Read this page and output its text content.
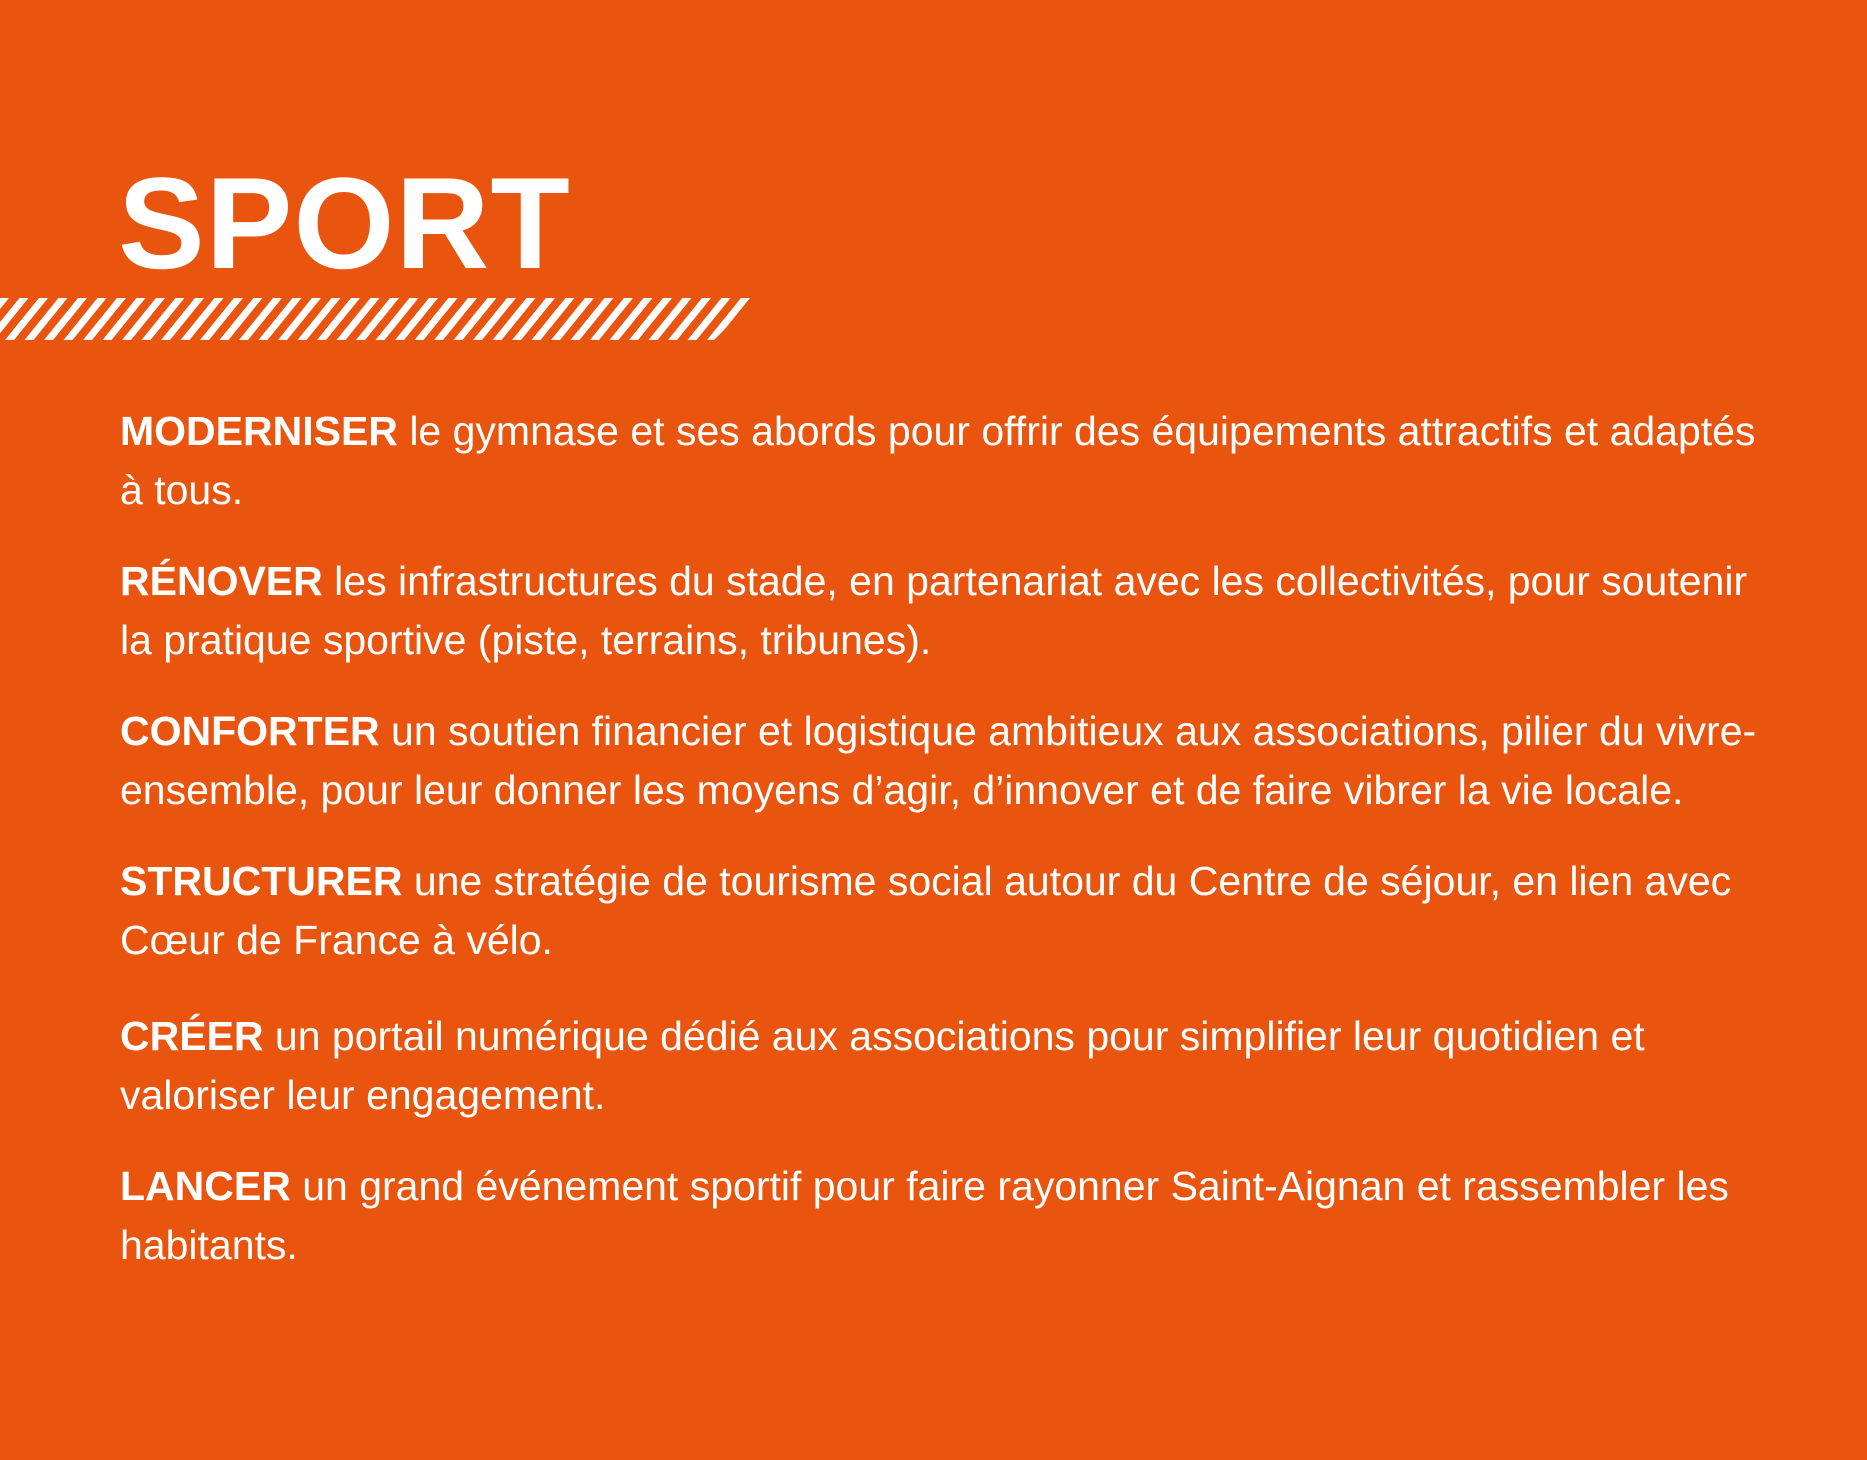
SPORT

MODERNISER le gymnase et ses abords pour offrir des équipements attractifs et adaptés à tous.

RÉNOVER les infrastructures du stade, en partenariat avec les collectivités, pour soutenir la pratique sportive (piste, terrains, tribunes).

CONFORTER un soutien financier et logistique ambitieux aux associations, pilier du vivre-ensemble, pour leur donner les moyens d’agir, d’innover et de faire vibrer la vie locale.

STRUCTURER une stratégie de tourisme social autour du Centre de séjour, en lien avec Cœur de France à vélo.

CRÉER un portail numérique dédié aux associations pour simplifier leur quotidien et valoriser leur engagement.

LANCER un grand événement sportif pour faire rayonner Saint-Aignan et rassembler les habitants.
